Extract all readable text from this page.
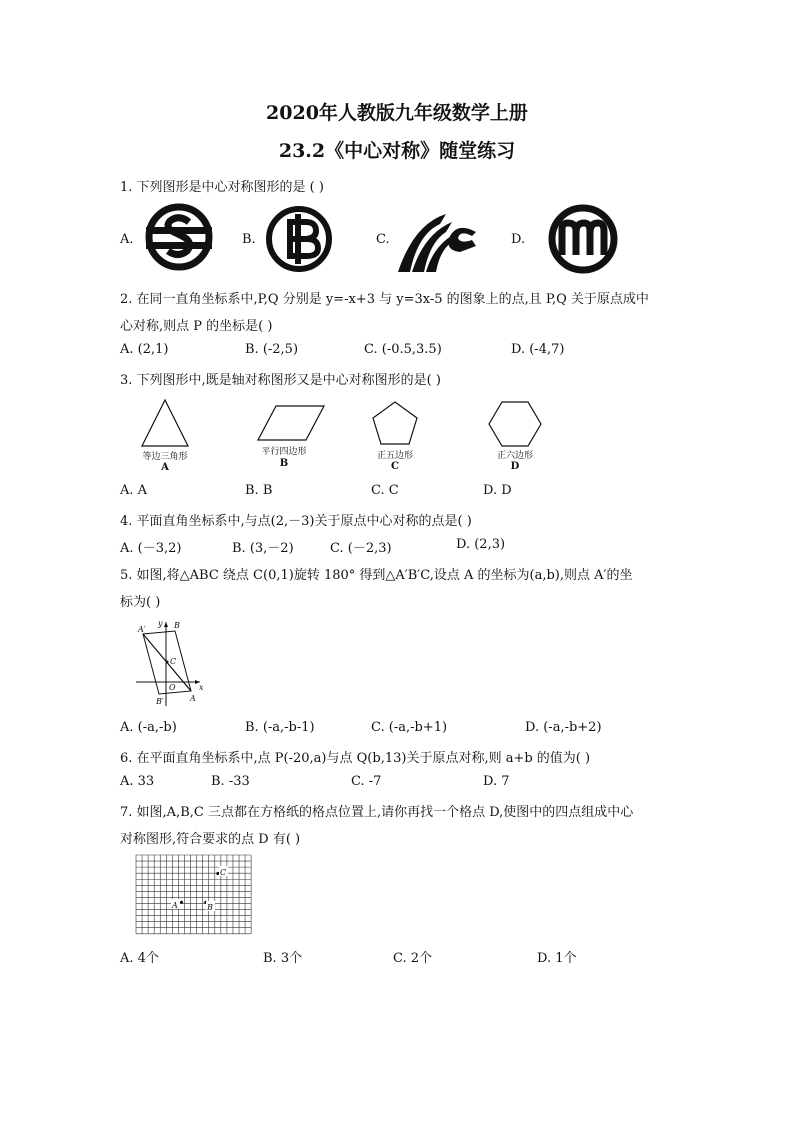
2020年人教版九年级数学上册
23.2《中心对称》随堂练习
1. 下列图形是中心对称图形的是 ( )
A.	B.	C.	D.
2. 在同一直角坐标系中,P,Q 分别是 y=-x+3 与 y=3x-5 的图象上的点,且 P,Q 关于原点成中
心对称,则点 P 的坐标是( )
A. (2,1)	B. (-2,5)	C. (-0.5,3.5)	D. (-4,7)
3. 下列图形中,既是轴对称图形又是中心对称图形的是( )
等边三角形
A
平行四边形
B
正五边形
C
正六边形
D
A. A	B. B	C. C	D. D
4. 平面直角坐标系中,与点(2,－3)关于原点中心对称的点是( )
A. (－3,2)	B. (3,－2)	C. (－2,3)	D. (2,3)
5. 如图,将△ABC 绕点 C(0,1)旋转 180° 得到△A′B′C,设点 A 的坐标为(a,b),则点 A′的坐
标为( )
A′	B
y
C
O	x
B′	A
A. (-a,-b)	B. (-a,-b-1)	C. (-a,-b+1)	D. (-a,-b+2)
6. 在平面直角坐标系中,点 P(-20,a)与点 Q(b,13)关于原点对称,则 a+b 的值为( )
A. 33	B. -33	C. -7	D. 7
7. 如图,A,B,C 三点都在方格纸的格点位置上,请你再找一个格点 D,使图中的四点组成中心
对称图形,符合要求的点 D 有( )
C
A	B
A. 4个	B. 3个	C. 2个	D. 1个
